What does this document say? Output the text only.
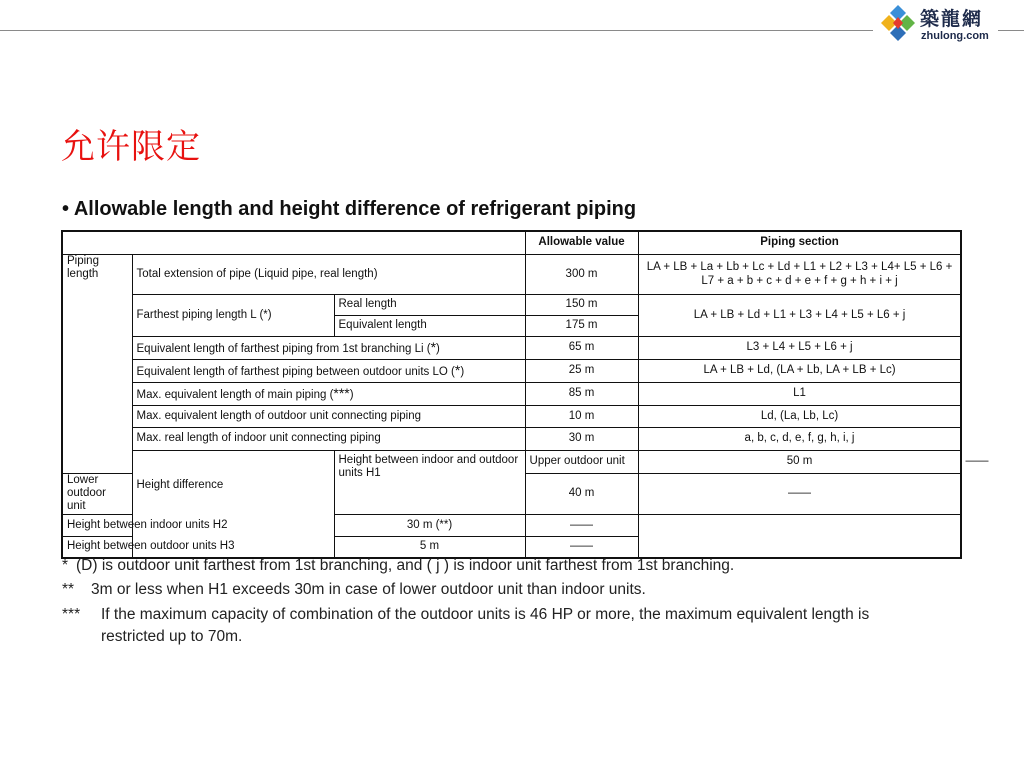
築龍網
zhulong.com
允许限定
• Allowable length and height difference of refrigerant piping
			Allowable value	Piping section	
Piping length	Total extension of pipe (Liquid pipe, real length)		300 m	LA + LB + La + Lb + Lc + Ld + L1 + L2 + L3 + L4+ L5 + L6 + L7 + a + b + c + d + e + f + g + h + i + j	
	Farthest piping length L (*)	Real length	150 m	LA + LB + Ld + L1 + L3 + L4 + L5 + L6 + j	
		Equivalent length	175 m		
	Equivalent length of farthest piping from 1st branching Li (*)		65 m	L3 + L4 + L5 + L6 + j	
	Equivalent length of farthest piping between outdoor units LO (*)		25 m	LA + LB + Ld, (LA + Lb, LA + LB + Lc)	
	Max. equivalent length of main piping (***)		85 m	L1	
	Max. equivalent length of outdoor unit connecting piping		10 m	Ld, (La, Lb, Lc)	
	Max. real length of indoor unit connecting piping		30 m	a, b, c, d, e, f, g, h, i, j	
	Height difference	Height between indoor and outdoor units H1	Upper outdoor unit	50 m	——
Lower outdoor unit			40 m	——	
Height between indoor units H2		30 m (**)	——		
Height between outdoor units H3		5 m	——		
* (D) is outdoor unit farthest from 1st branching, and ( j ) is indoor unit farthest from 1st branching.
** 3m or less when H1 exceeds 30m in case of lower outdoor unit than indoor units.
*** If the maximum capacity of combination of the outdoor units is 46 HP or more, the maximum equivalent length is restricted up to 70m.
